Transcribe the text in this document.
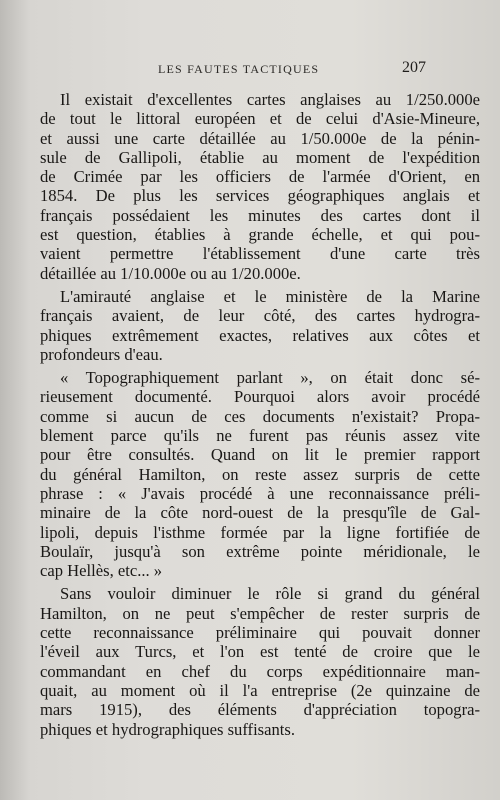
LES FAUTES TACTIQUES	207
Il existait d'excellentes cartes anglaises au 1/250.000e
de tout le littoral européen et de celui d'Asie-Mineure,
et aussi une carte détaillée au 1/50.000e de la pénin-
sule de Gallipoli, établie au moment de l'expédition
de Crimée par les officiers de l'armée d'Orient, en
1854. De plus les services géographiques anglais et
français possédaient les minutes des cartes dont il
est question, établies à grande échelle, et qui pou-
vaient permettre l'établissement d'une carte très
détaillée au 1/10.000e ou au 1/20.000e.
L'amirauté anglaise et le ministère de la Marine
français avaient, de leur côté, des cartes hydrogra-
phiques extrêmement exactes, relatives aux côtes et
profondeurs d'eau.
« Topographiquement parlant », on était donc sé-
rieusement documenté. Pourquoi alors avoir procédé
comme si aucun de ces documents n'existait? Propa-
blement parce qu'ils ne furent pas réunis assez vite
pour être consultés. Quand on lit le premier rapport
du général Hamilton, on reste assez surpris de cette
phrase : « J'avais procédé à une reconnaissance préli-
minaire de la côte nord-ouest de la presqu'île de Gal-
lipoli, depuis l'isthme formée par la ligne fortifiée de
Boulaïr, jusqu'à son extrême pointe méridionale, le
cap Hellès, etc... »
Sans vouloir diminuer le rôle si grand du général
Hamilton, on ne peut s'empêcher de rester surpris de
cette reconnaissance préliminaire qui pouvait donner
l'éveil aux Turcs, et l'on est tenté de croire que le
commandant en chef du corps expéditionnaire man-
quait, au moment où il l'a entreprise (2e quinzaine de
mars 1915), des éléments d'appréciation topogra-
phiques et hydrographiques suffisants.
